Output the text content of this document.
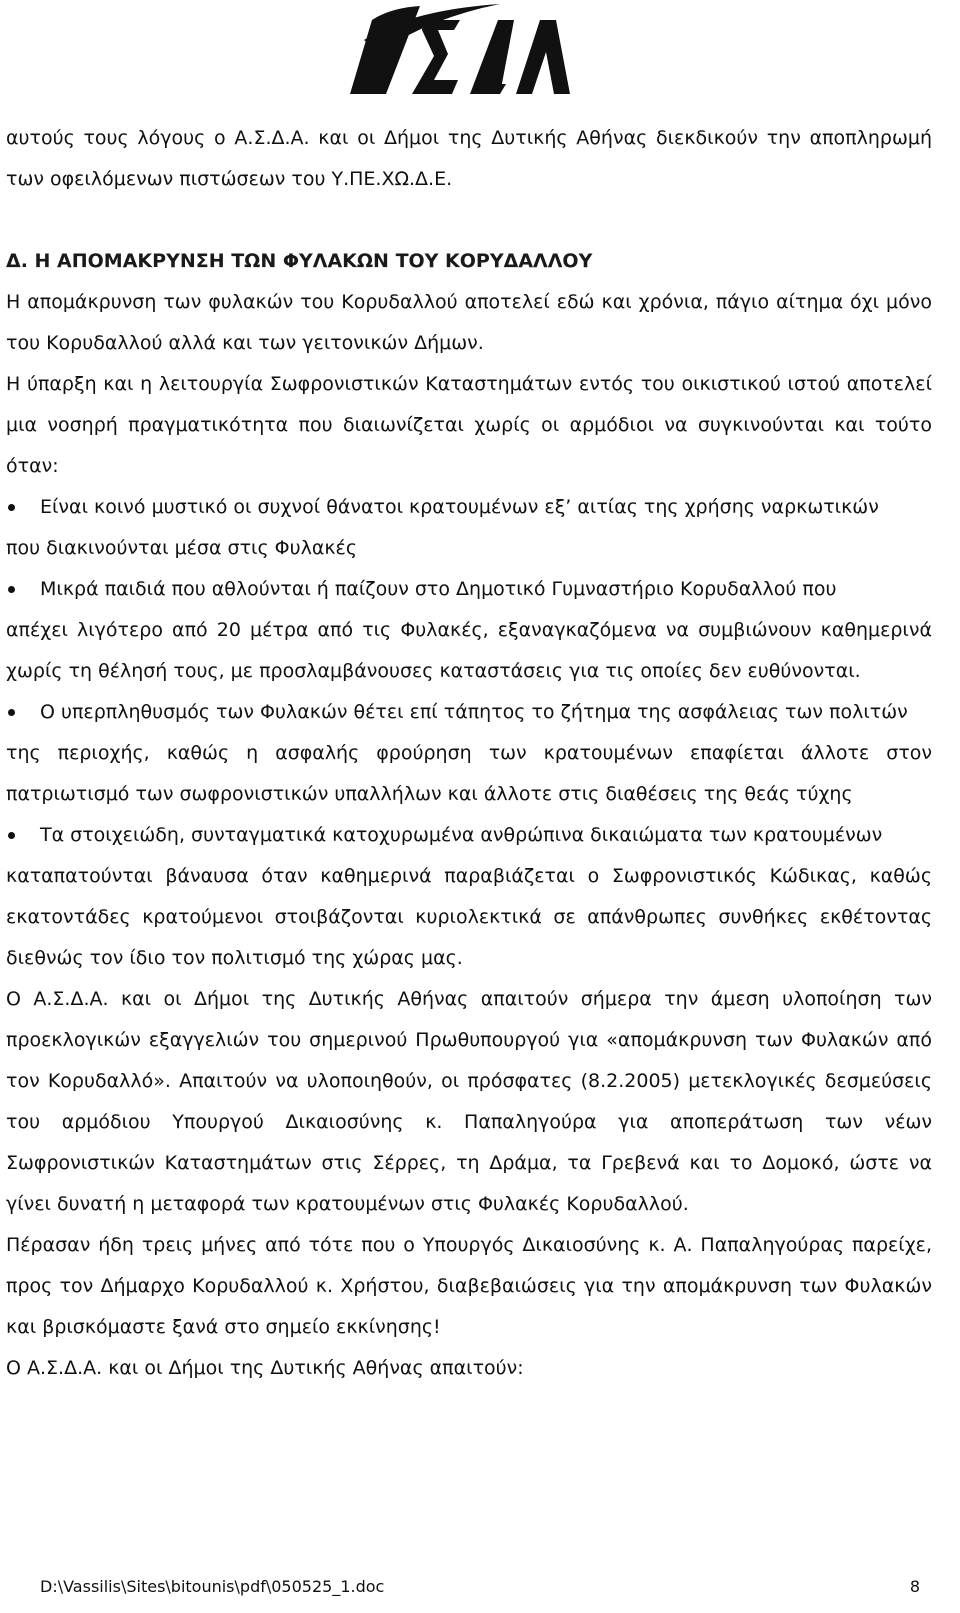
αυτούς τους λόγους ο Α.Σ.Δ.Α. και οι Δήμοι της Δυτικής Αθήνας διεκδικούν την αποπληρωμή των οφειλόμενων πιστώσεων του Υ.ΠΕ.ΧΩ.Δ.Ε.

Δ. Η ΑΠΟΜΑΚΡΥΝΣΗ ΤΩΝ ΦΥΛΑΚΩΝ ΤΟΥ ΚΟΡΥΔΑΛΛΟΥ

Η απομάκρυνση των φυλακών του Κορυδαλλού αποτελεί εδώ και χρόνια, πάγιο αίτημα όχι μόνο του Κορυδαλλού αλλά και των γειτονικών Δήμων.

Η ύπαρξη και η λειτουργία Σωφρονιστικών Καταστημάτων εντός του οικιστικού ιστού αποτελεί μια νοσηρή πραγματικότητα που διαιωνίζεται χωρίς οι αρμόδιοι να συγκινούνται και τούτο όταν:

Είναι κοινό μυστικό οι συχνοί θάνατοι κρατουμένων εξ’ αιτίας της χρήσης ναρκωτικών
που διακινούνται μέσα στις Φυλακές
Μικρά παιδιά που αθλούνται ή παίζουν στο Δημοτικό Γυμναστήριο Κορυδαλλού που
απέχει λιγότερο από 20 μέτρα από τις Φυλακές, εξαναγκαζόμενα να συμβιώνουν καθημερινά χωρίς τη θέλησή τους, με προσλαμβάνουσες καταστάσεις για τις οποίες δεν ευθύνονται.
Ο υπερπληθυσμός των Φυλακών θέτει επί τάπητος το ζήτημα της ασφάλειας των πολιτών
της περιοχής, καθώς η ασφαλής φρούρηση των κρατουμένων επαφίεται άλλοτε στον πατριωτισμό των σωφρονιστικών υπαλλήλων και άλλοτε στις διαθέσεις της θεάς τύχης
Τα στοιχειώδη, συνταγματικά κατοχυρωμένα ανθρώπινα δικαιώματα των κρατουμένων
καταπατούνται βάναυσα όταν καθημερινά παραβιάζεται ο Σωφρονιστικός Κώδικας, καθώς εκατοντάδες κρατούμενοι στοιβάζονται κυριολεκτικά σε απάνθρωπες συνθήκες εκθέτοντας διεθνώς τον ίδιο τον πολιτισμό της χώρας μας.

Ο Α.Σ.Δ.Α. και οι Δήμοι της Δυτικής Αθήνας απαιτούν σήμερα την άμεση υλοποίηση των προεκλογικών εξαγγελιών του σημερινού Πρωθυπουργού για «απομάκρυνση των Φυλακών από τον Κορυδαλλό». Απαιτούν να υλοποιηθούν, οι πρόσφατες (8.2.2005) μετεκλογικές δεσμεύσεις του αρμόδιου Υπουργού Δικαιοσύνης κ. Παπαληγούρα για αποπεράτωση των νέων Σωφρονιστικών Καταστημάτων στις Σέρρες, τη Δράμα, τα Γρεβενά και το Δομοκό, ώστε να γίνει δυνατή η μεταφορά των κρατουμένων στις Φυλακές Κορυδαλλού.

Πέρασαν ήδη τρεις μήνες από τότε που ο Υπουργός Δικαιοσύνης κ. Α. Παπαληγούρας παρείχε, προς τον Δήμαρχο Κορυδαλλού κ. Χρήστου, διαβεβαιώσεις για την απομάκρυνση των Φυλακών και βρισκόμαστε ξανά στο σημείο εκκίνησης!

Ο Α.Σ.Δ.Α. και οι Δήμοι της Δυτικής Αθήνας απαιτούν:

D:\Vassilis\Sites\bitounis\pdf\050525_1.doc	8
